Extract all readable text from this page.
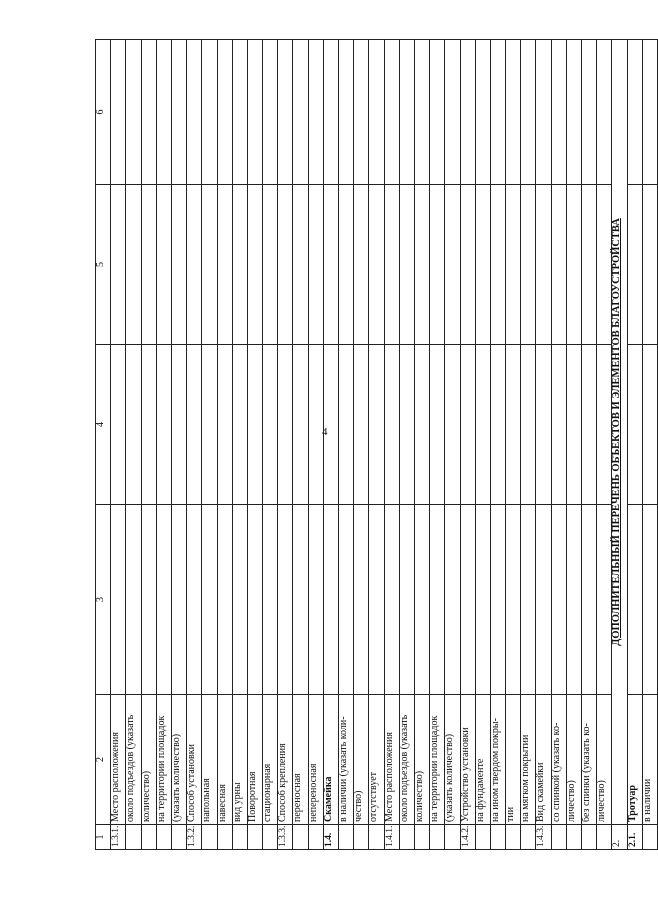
4
1	2	3	4	5	6
1.3.1.	Место расположения				
	около подъездов (указать				
	количество)				
	на территории площадок				
	(указать количество)				
1.3.2.	Способ установки				
	напольная				
	навесная				
	вид урны				
	Поворотная				
	стационарная				
1.3.3.	Способ крепления				
	переносная				
	непереносная				
1.4.	Скамейка				
	в наличии (указать коли-				
	чество)				
	отсутствует				
1.4.1.	Место расположения				
	около подъездов (указать				
	количество)				
	на территории площадок				
	(указать количество)				
1.4.2.	Устройство установки				
	на фундаменте				
	на ином твердом покры-				
	тии				
	на мягком покрытии				
1.4.3.	Вид скамейки				
	со спинкой (указать ко-				
	личество)				
	без спинки (указать ко-				
	личество)				
2.	ДОПОЛНИТЕЛЬНЫЙ ПЕРЕЧЕНЬ ОБЪЕКТОВ И ЭЛЕМЕНТОВ БЛАГОУСТРОЙСТВА				
2.1.	Тротуар				
	в наличии				
